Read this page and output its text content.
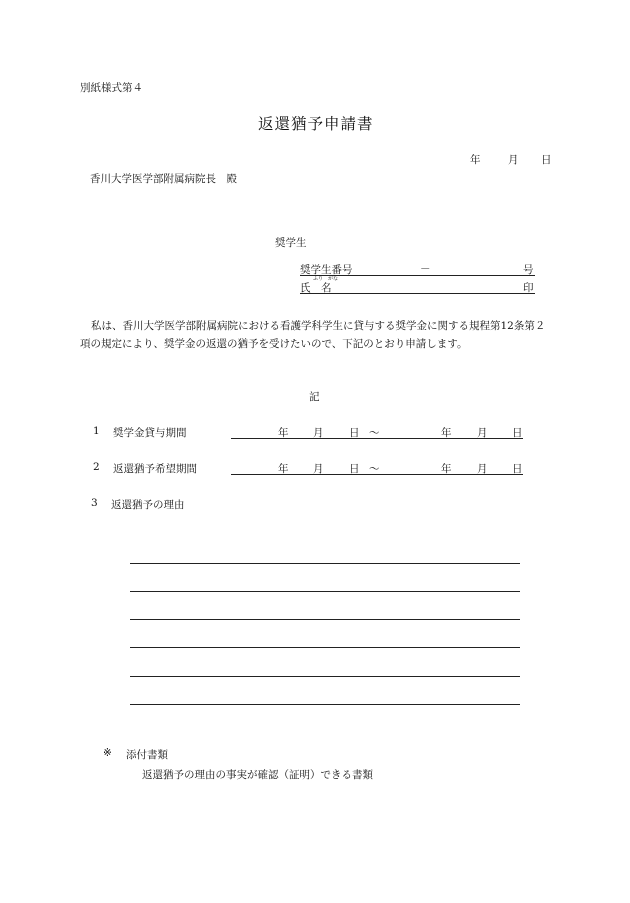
別紙様式第４
返還猶予申請書
年	月 日
香川大学医学部附属病院長　殿
奨学生
奨学生番号	－	号
ふり がな
氏　名	印
私は、香川大学医学部附属病院における看護学科学生に貸与する奨学金に関する規程第12条第２項の規定により、奨学金の返還の猶予を受けたいので、下記のとおり申請します。
記
1 奨学金貸与期間	年 月 日 ～	年 月 日
2 返還猶予希望期間	年 月 日 ～	年 月 日
3 返還猶予の理由
※ 添付書類
返還猶予の理由の事実が確認（証明）できる書類
